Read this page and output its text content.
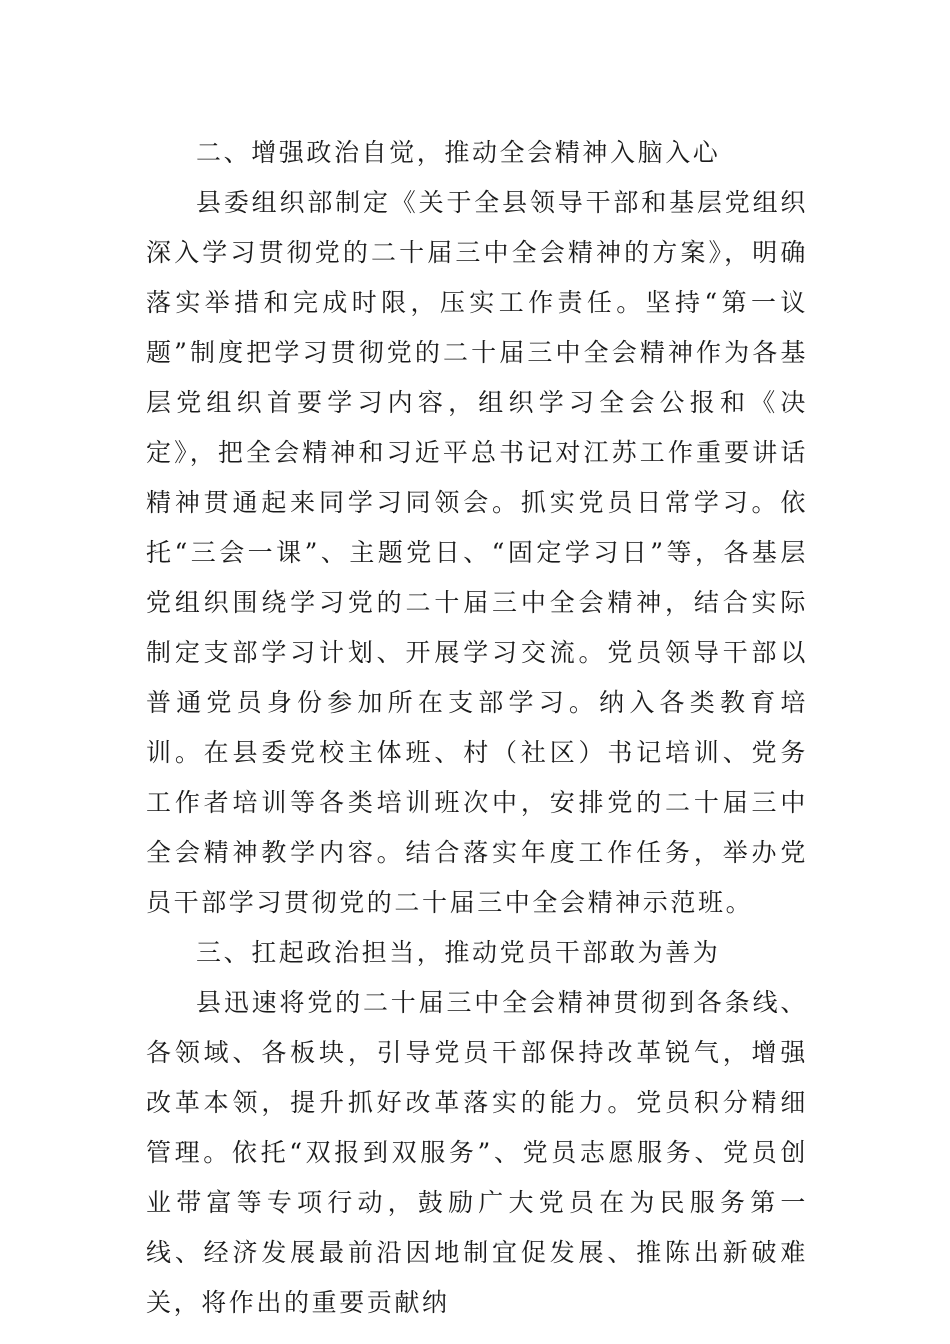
二、增强政治自觉，推动全会精神入脑入心

县委组织部制定《关于全县领导干部和基层党组织深入学习贯彻党的二十届三中全会精神的方案》，明确落实举措和完成时限，压实工作责任。坚持“第一议题”制度把学习贯彻党的二十届三中全会精神作为各基层党组织首要学习内容，组织学习全会公报和《决定》，把全会精神和习近平总书记对江苏工作重要讲话精神贯通起来同学习同领会。抓实党员日常学习。依托“三会一课”、主题党日、“固定学习日”等，各基层党组织围绕学习党的二十届三中全会精神，结合实际制定支部学习计划、开展学习交流。党员领导干部以普通党员身份参加所在支部学习。纳入各类教育培训。在县委党校主体班、村（社区）书记培训、党务工作者培训等各类培训班次中，安排党的二十届三中全会精神教学内容。结合落实年度工作任务，举办党员干部学习贯彻党的二十届三中全会精神示范班。

三、扛起政治担当，推动党员干部敢为善为

县迅速将党的二十届三中全会精神贯彻到各条线、各领域、各板块，引导党员干部保持改革锐气，增强改革本领，提升抓好改革落实的能力。党员积分精细管理。依托“双报到双服务”、党员志愿服务、党员创业带富等专项行动，鼓励广大党员在为民服务第一线、经济发展最前沿因地制宜促发展、推陈出新破难关，将作出的重要贡献纳
